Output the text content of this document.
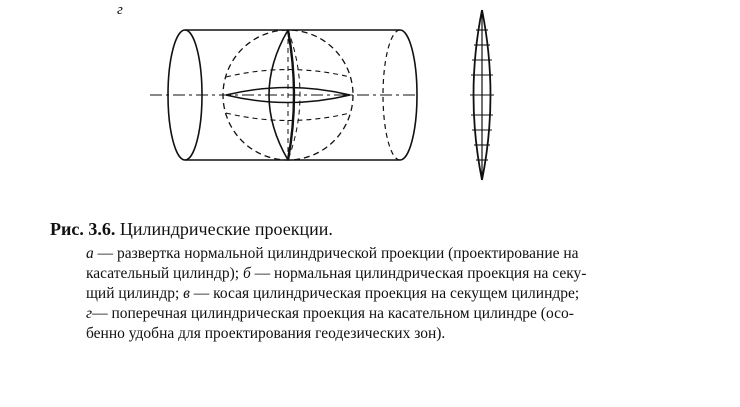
г
Рис. 3.6. Цилиндрические проекции.
а — развертка нормальной цилиндрической проекции (проектирование на
касательный цилиндр); б — нормальная цилиндрическая проекция на секу-
щий цилиндр; в — косая цилиндрическая проекция на секущем цилиндре;
г— поперечная цилиндрическая проекция на касательном цилиндре (осо-
бенно удобна для проектирования геодезических зон).
